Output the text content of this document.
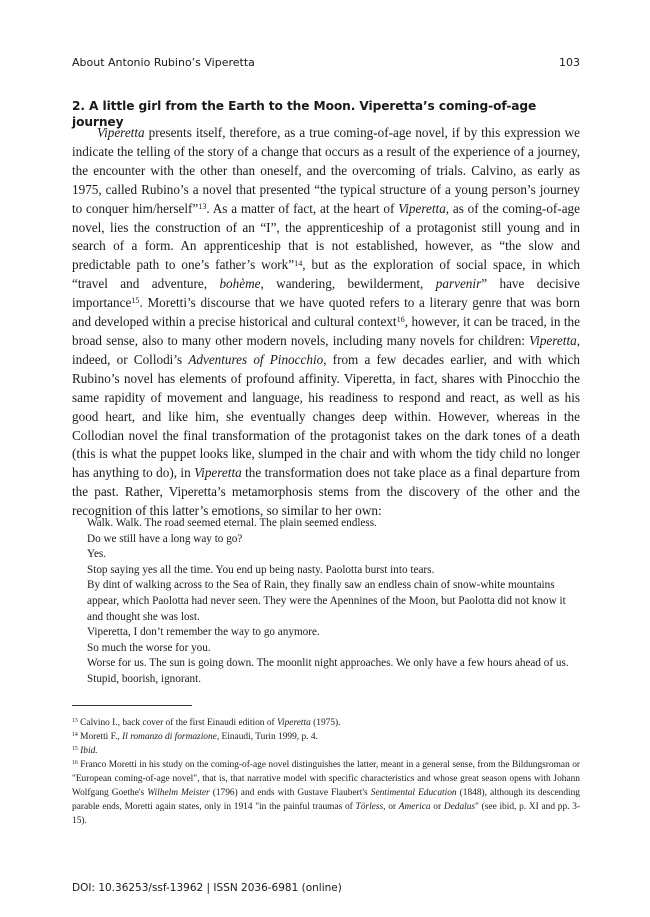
About Antonio Rubino’s Viperetta	103
2. A little girl from the Earth to the Moon. Viperetta’s coming-of-age journey

Viperetta presents itself, therefore, as a true coming-of-age novel, if by this expression we indicate the telling of the story of a change that occurs as a result of the experience of a journey, the encounter with the other than oneself, and the overcoming of trials. Calvino, as early as 1975, called Rubino’s a novel that presented “the typical structure of a young person’s journey to conquer him/herself”$^{13}$. As a matter of fact, at the heart of Viperetta, as of the coming-of-age novel, lies the construction of an “I”, the apprenticeship of a protagonist still young and in search of a form. An apprenticeship that is not established, however, as “the slow and predictable path to one’s father’s work”$^{14}$, but as the exploration of social space, in which “travel and adventure, bohème, wandering, bewilderment, parvenir” have decisive importance$^{15}$. Moretti’s discourse that we have quoted refers to a literary genre that was born and developed within a precise historical and cultural context$^{16}$, however, it can be traced, in the broad sense, also to many other modern novels, including many novels for children: Viperetta, indeed, or Collodi’s Adventures of Pinocchio, from a few decades earlier, and with which Rubino’s novel has elements of profound affinity. Viperetta, in fact, shares with Pinocchio the same rapidity of movement and language, his readiness to respond and react, as well as his good heart, and like him, she eventually changes deep within. However, whereas in the Collodian novel the final transformation of the protagonist takes on the dark tones of a death (this is what the puppet looks like, slumped in the chair and with whom the tidy child no longer has anything to do), in Viperetta the transformation does not take place as a final departure from the past. Rather, Viperetta’s metamorphosis stems from the discovery of the other and the recognition of this latter’s emotions, so similar to her own:

Walk. Walk. The road seemed eternal. The plain seemed endless.

Do we still have a long way to go?

Yes.

Stop saying yes all the time. You end up being nasty. Paolotta burst into tears.

By dint of walking across to the Sea of Rain, they finally saw an endless chain of snow-white mountains appear, which Paolotta had never seen. They were the Apennines of the Moon, but Paolotta did not know it and thought she was lost.

Viperetta, I don’t remember the way to go anymore.

So much the worse for you.

Worse for us. The sun is going down. The moonlit night approaches. We only have a few hours ahead of us.

Stupid, boorish, ignorant.

$^{13}$ Calvino I., back cover of the first Einaudi edition of Viperetta (1975).

$^{14}$ Moretti F., Il romanzo di formazione, Einaudi, Turin 1999, p. 4.

$^{15}$ Ibid.

$^{16}$ Franco Moretti in his study on the coming-of-age novel distinguishes the latter, meant in a general sense, from the Bildungsroman or "European coming-of-age novel", that is, that narrative model with specific characteristics and whose great season opens with Johann Wolfgang Goethe's Wilhelm Meister (1796) and ends with Gustave Flaubert's Sentimental Education (1848), although its descending parable ends, Moretti again states, only in 1914 "in the painful traumas of Törless, or America or Dedalus" (see ibid, p. XI and pp. 3-15).

DOI: 10.36253/ssf-13962 | ISSN 2036-6981 (online)
